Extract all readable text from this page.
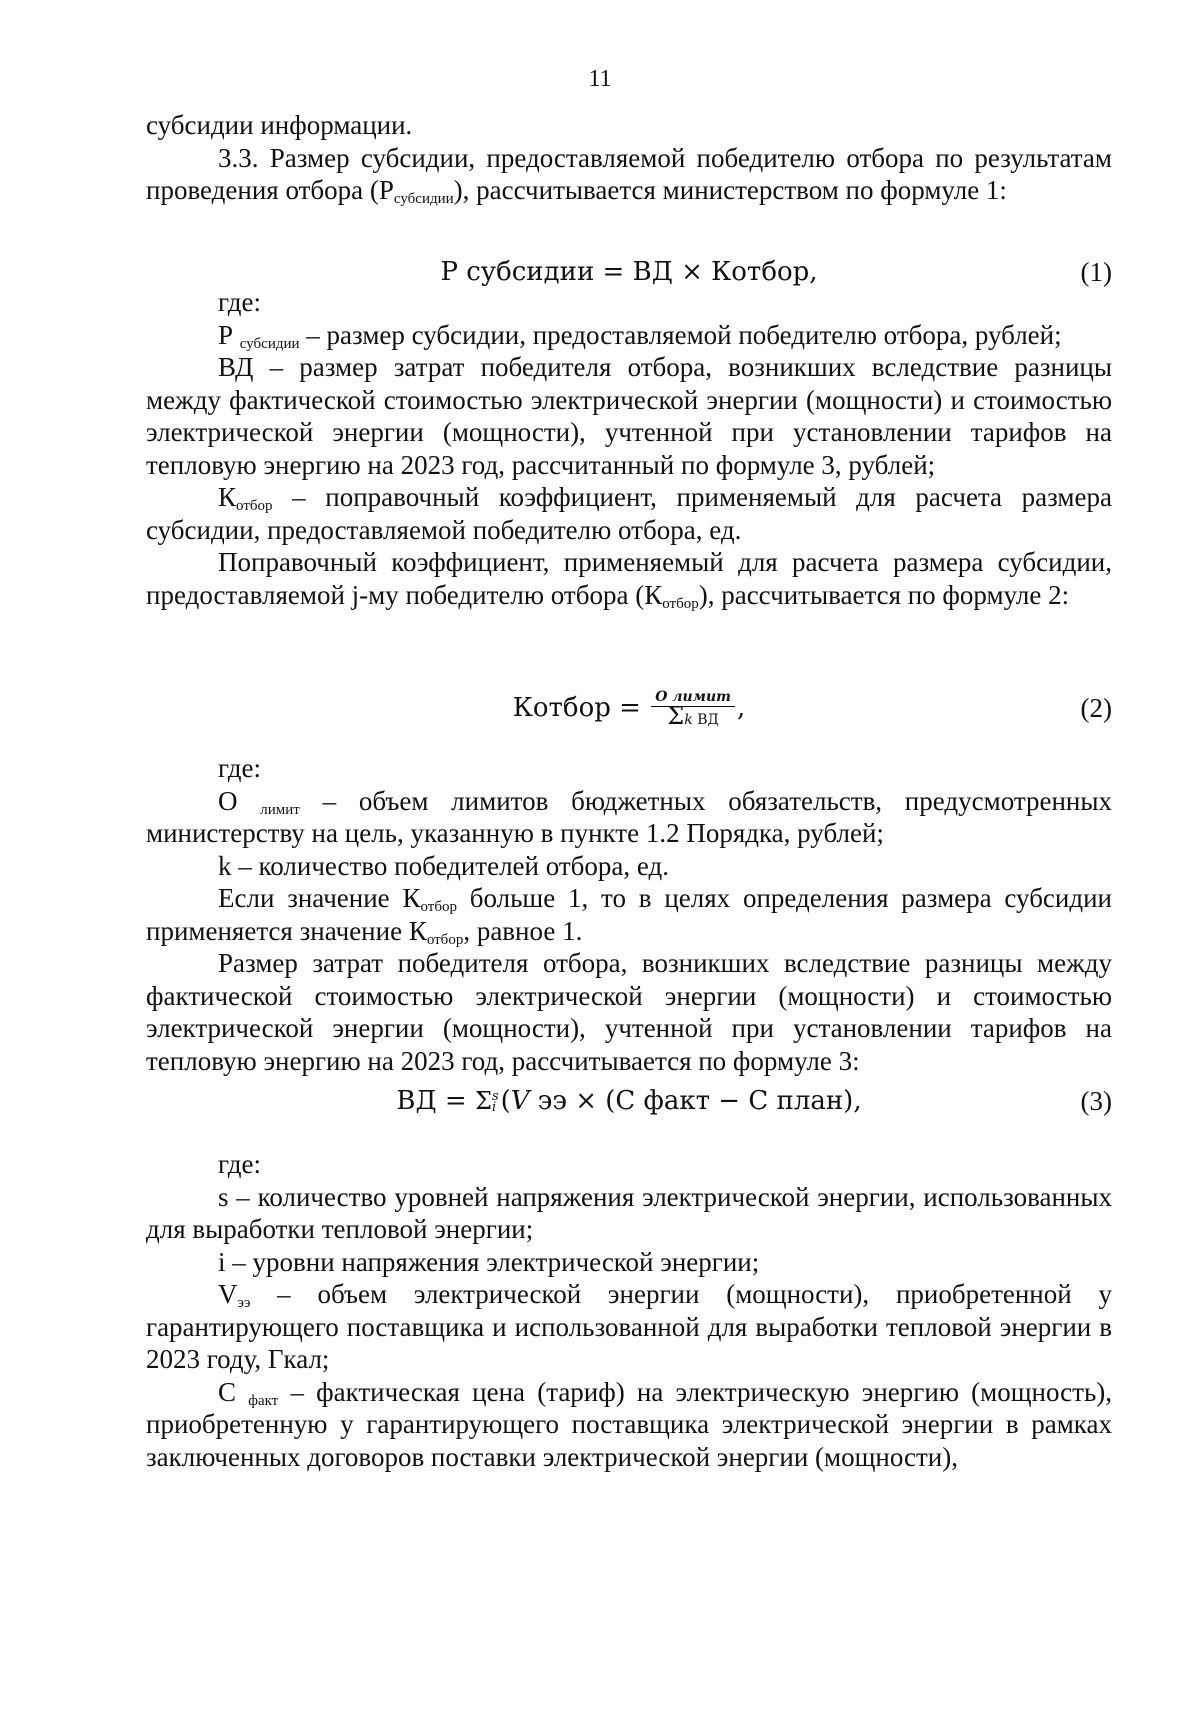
11

субсидии информации.

3.3. Размер субсидии, предоставляемой победителю отбора по результатам проведения отбора $(Р_{субсидии})$, рассчитывается министерством по формуле 1:

Р субсидии = ВД × Котбор,	(1)

где:

Р $_{субсидии}$ – размер субсидии, предоставляемой победителю отбора, рублей;

ВД – размер затрат победителя отбора, возникших вследствие разницы между фактической стоимостью электрической энергии (мощности) и стоимостью электрической энергии (мощности), учтенной при установлении тарифов на тепловую энергию на 2023 год, рассчитанный по формуле 3, рублей;

$К_{отбор}$ – поправочный коэффициент, применяемый для расчета размера субсидии, предоставляемой победителю отбора, ед.

Поправочный коэффициент, применяемый для расчета размера субсидии, предоставляемой j-му победителю отбора $(К_{отбор})$, рассчитывается по формуле 2:

Котбор = $\frac{\text{О лимит}}{\text{Σk ВД}}$ ,	(2)

где:

О $_{лимит}$ – объем лимитов бюджетных обязательств, предусмотренных министерству на цель, указанную в пункте 1.2 Порядка, рублей;

k – количество победителей отбора, ед.

Если значение $К_{отбор}$ больше 1, то в целях определения размера субсидии применяется значение $К_{отбор}$, равное 1.

Размер затрат победителя отбора, возникших вследствие разницы между фактической стоимостью электрической энергии (мощности) и стоимостью электрической энергии (мощности), учтенной при установлении тарифов на тепловую энергию на 2023 год, рассчитывается по формуле 3:

ВД = Σ s
i (V ээ × (С факт − С план),	(3)

где:

s – количество уровней напряжения электрической энергии, использованных для выработки тепловой энергии;

i – уровни напряжения электрической энергии;

$V_{ээ}$ – объем электрической энергии (мощности), приобретенной у гарантирующего поставщика и использованной для выработки тепловой энергии в 2023 году, Гкал;

С $_{факт}$ – фактическая цена (тариф) на электрическую энергию (мощность), приобретенную у гарантирующего поставщика электрической энергии в рамках заключенных договоров поставки электрической энергии (мощности),
